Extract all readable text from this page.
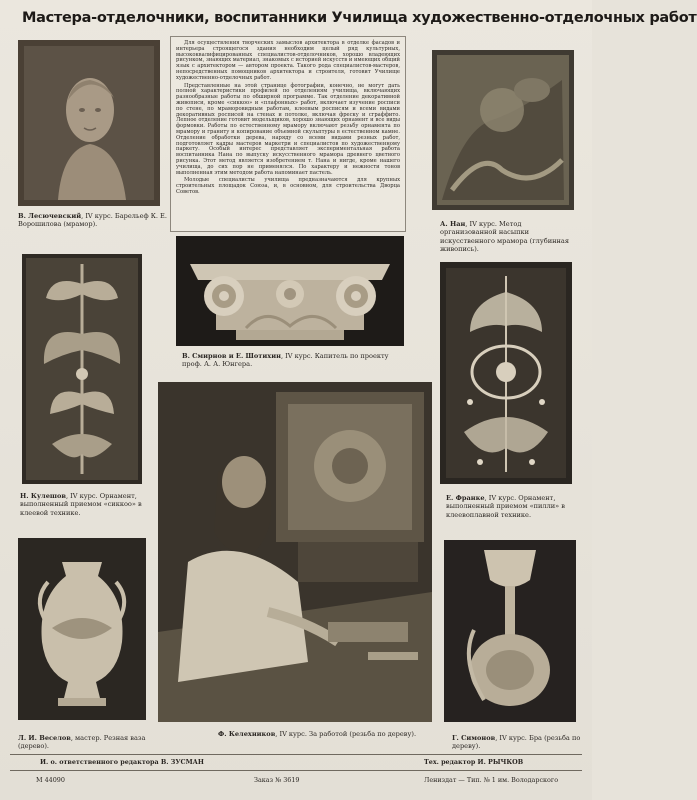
Мастера-отделочники, воспитанники Училища художественно-отделочных работ
В. Лесючевский, IV курс. Барельеф К. Е. Ворошилова (мрамор).

Для осуществления творческих замыслов архитектора в отделке фасадов и интерьера строящегося здания необходим целый ряд культурных, высококвалифицированных специалистов-отделочников, хорошо владеющих рисунком, знающих материал, знакомых с историей искусств и имеющих общий язык с архитектором — автором проекта. Такого рода специалистов-мастеров, непосредственных помощников архитектора и строителя, готовит Училище художественно-отделочных работ.

Представленные на этой странице фотографии, конечно, не могут дать полной характеристики профилей по отделениям училища, включающих разнообразные работы по обширной программе. Так отделение декоративной живописи, кроме «сиккоо» и «плафонных» работ, включает изучение росписи по стене, по мраморовидным работам, клеевым росписям и всеми видами декоративных росписей на стенах и потолке, включая фреску и сграффито. Лепное отделение готовит модельщиков, хорошо знающих орнамент и все виды формовки. Работы по естественному мрамору включают резьбу орнамента по мрамору и граниту и копирование объемной скульптуры в естественном камне. Отделение обработки дерева, наряду со всеми видами резных работ, подготовляет кадры мастеров маркетри и специалистов по художественному паркету. Особый интерес представляет экспериментальная работа воспитанника Нана по выпуску искусственного мрамора древнего цветного рисунка. Этот метод является изобретением т. Нана и нигде, кроме нашего училища, до сих пор не применялся. По характеру и нежности тонов выполненная этим методом работа напоминает пастель.

Молодые специалисты училища предназначаются для крупных строительных площадок Союза, и, в основном, для строительства Дворца Советов.

А. Нан, IV курс. Метод организованной насыпки искусственного мрамора (глубинная живопись).
В. Смирнов и Е. Шотихин, IV курс. Капитель по проекту проф. А. А. Юнгера.
Н. Кулешов, IV курс. Орнамент, выполненный приемом «сиккоо» в клеевой технике.
Е. Франке, IV курс. Орнамент, выполненный приемом «пилли» в клеевоплавной технике.
Л. И. Веселов, мастер. Резная ваза (дерево).
Ф. Келехников, IV курс. За работой (резьба по дереву).	Г. Симонов, IV курс. Бра (резьба по дереву).
И. о. ответственного редактора В. ЗУСМАН	Тех. редактор И. РЫЧКОВ
М 44090	Заказ № 3619	Лениздат — Тип. № 1 им. Володарского
